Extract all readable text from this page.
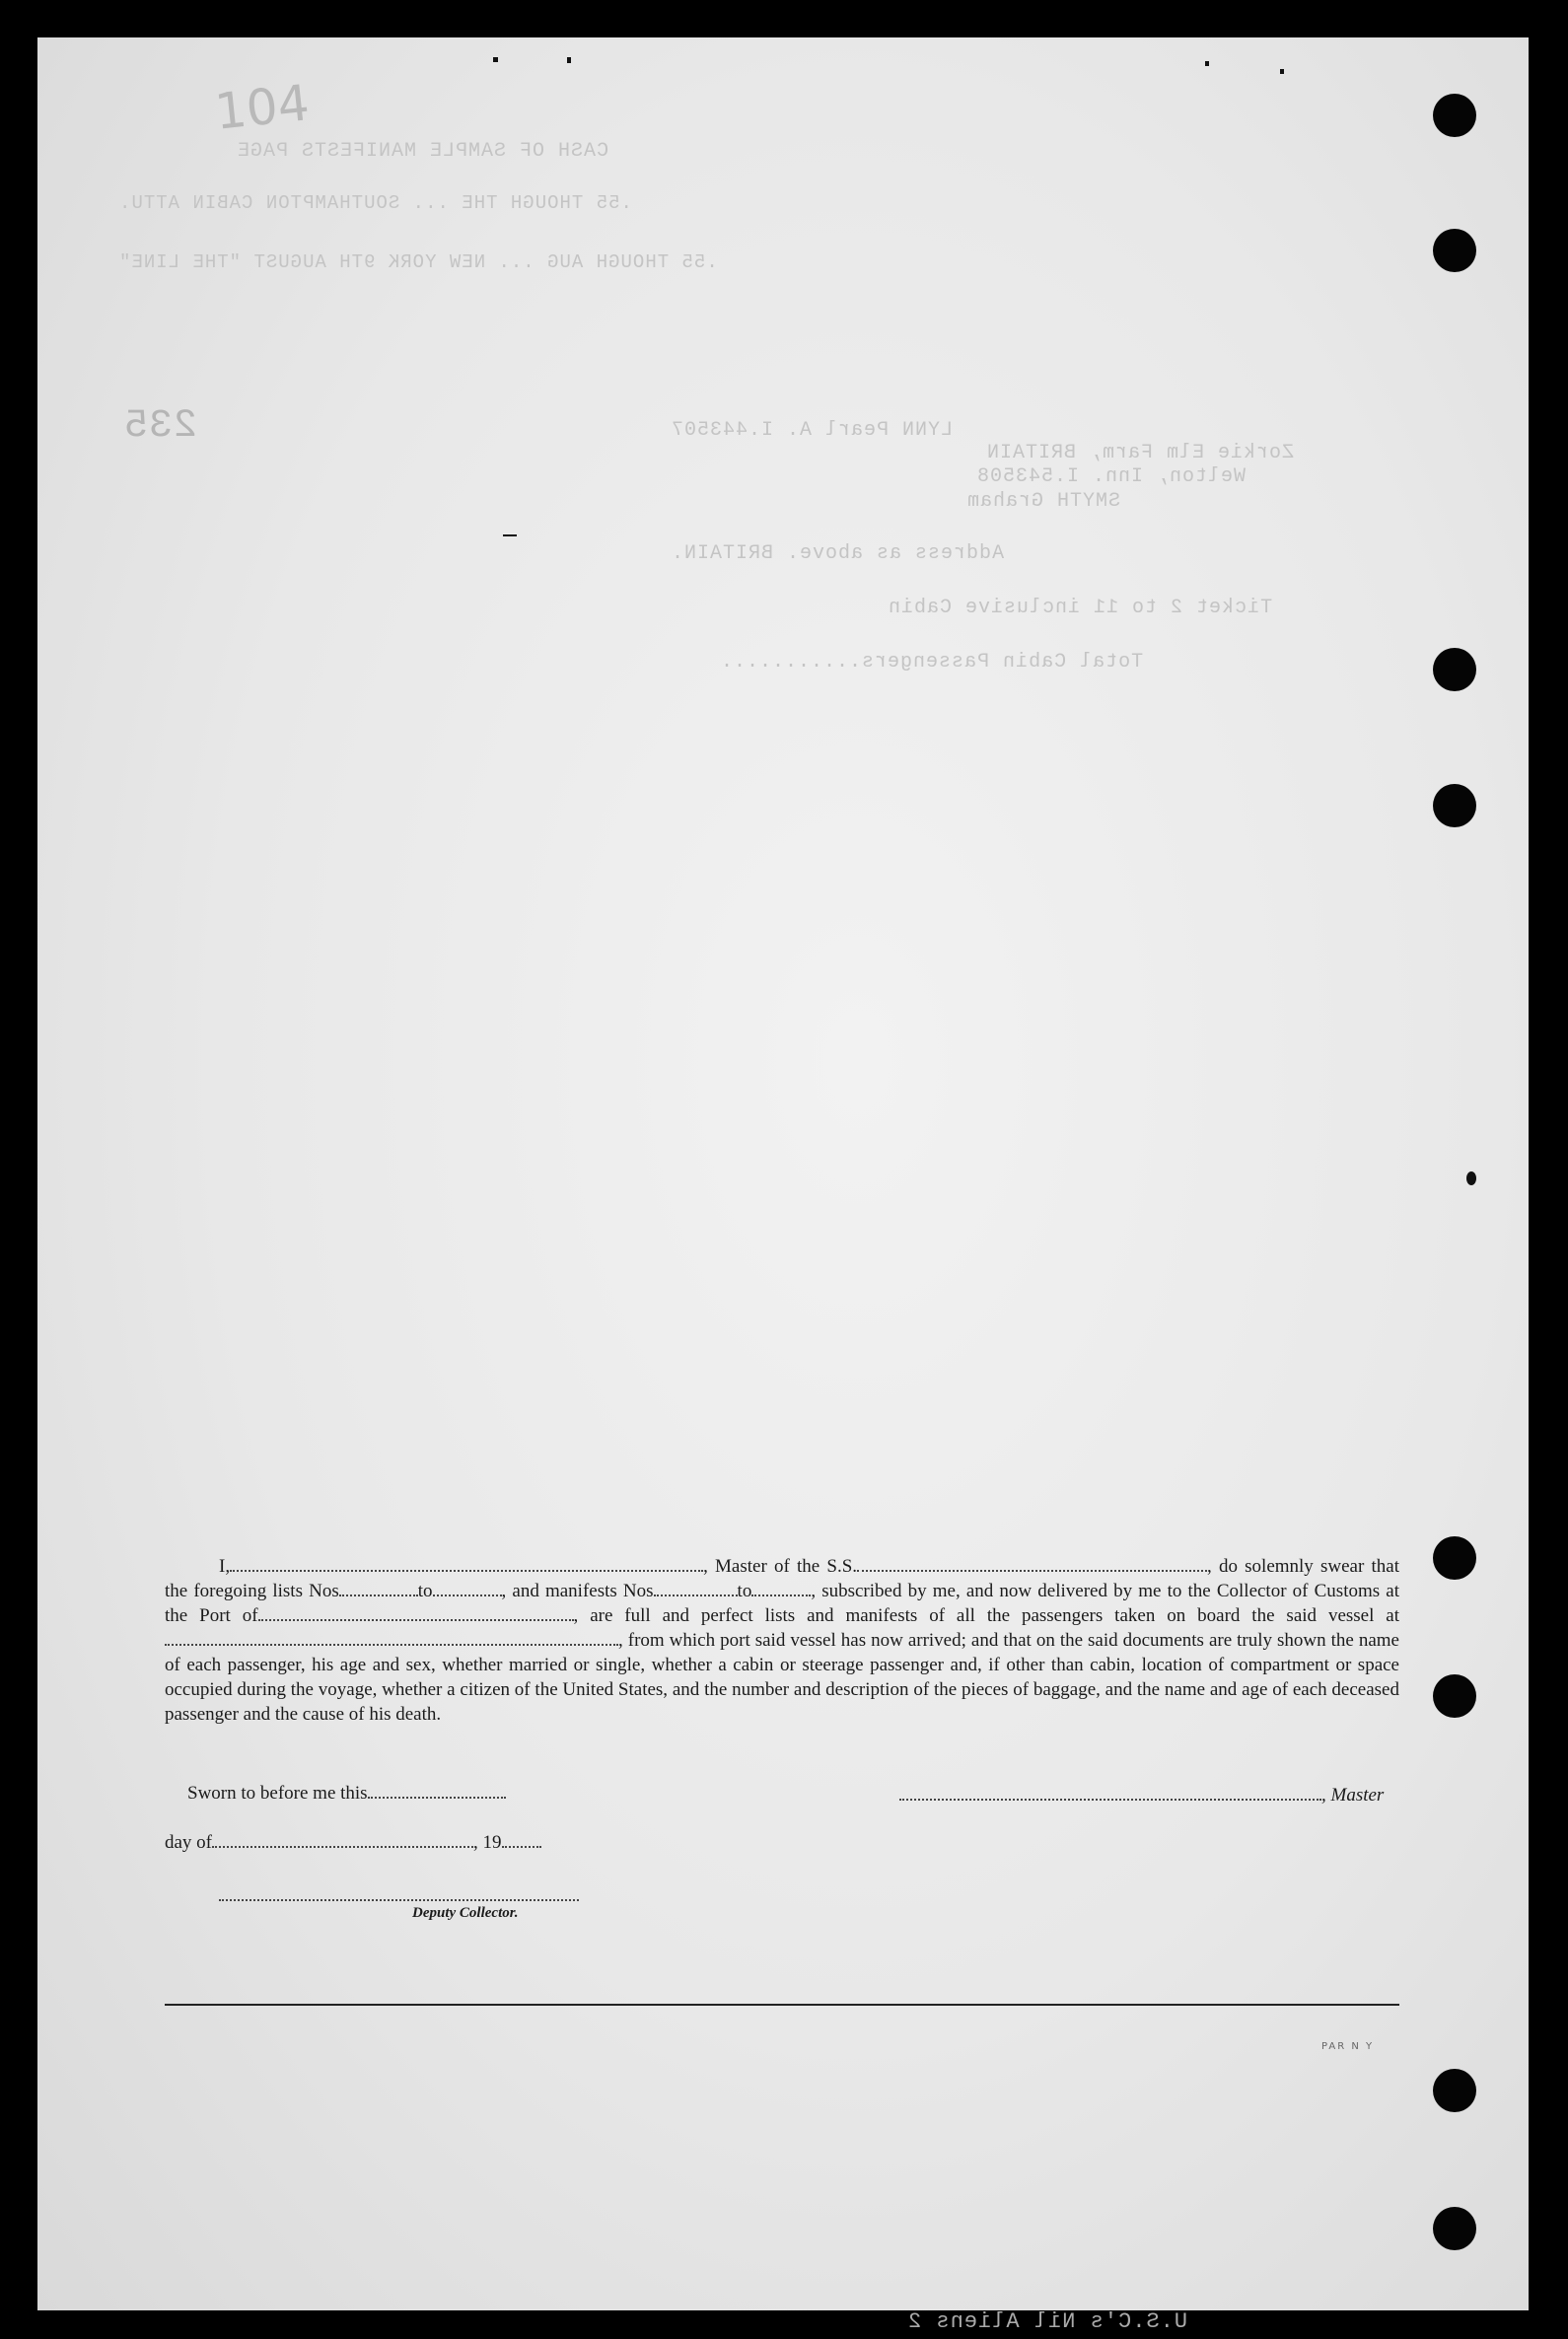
104
CASH OF SAMPLE MANIFESTS PAGE
.55 THOUGH THE ... SOUTHAMPTON CABIN ATTU.
.55 THOUGH AUG ... NEW YORK 9TH AUGUST "THE LINE"
235	LYNN Pearl A. I.443507
Zorkie Elm Farm, BRITAIN
Welton, Inn. I.543508
SMYTH Graham
Address as above. BRITAIN.
Ticket 2 to 11 inclusive Cabin
Total Cabin Passengers...........
U.S.C's Nil Aliens 2
I,	, Master of the S.S.	, do solemnly swear that the foregoing lists Nos	to	, and manifests Nos	to	, subscribed by me, and now delivered by me to the Collector of Customs at the Port of	, are full and perfect lists and manifests of all the passengers taken on board the said vessel at, from which port said vessel has now arrived; and that on the said documents are truly shown the name of each passenger, his age and sex, whether married or single, whether a cabin or steerage passenger and, if other than cabin, location of compartment or space occupied during the voyage, whether a citizen of the United States, and the number and description of the pieces of baggage, and the name and age of each deceased passenger and the cause of his death.
Sworn to before me this	, Master
day of	, 19
Deputy Collector.
PAR N Y
